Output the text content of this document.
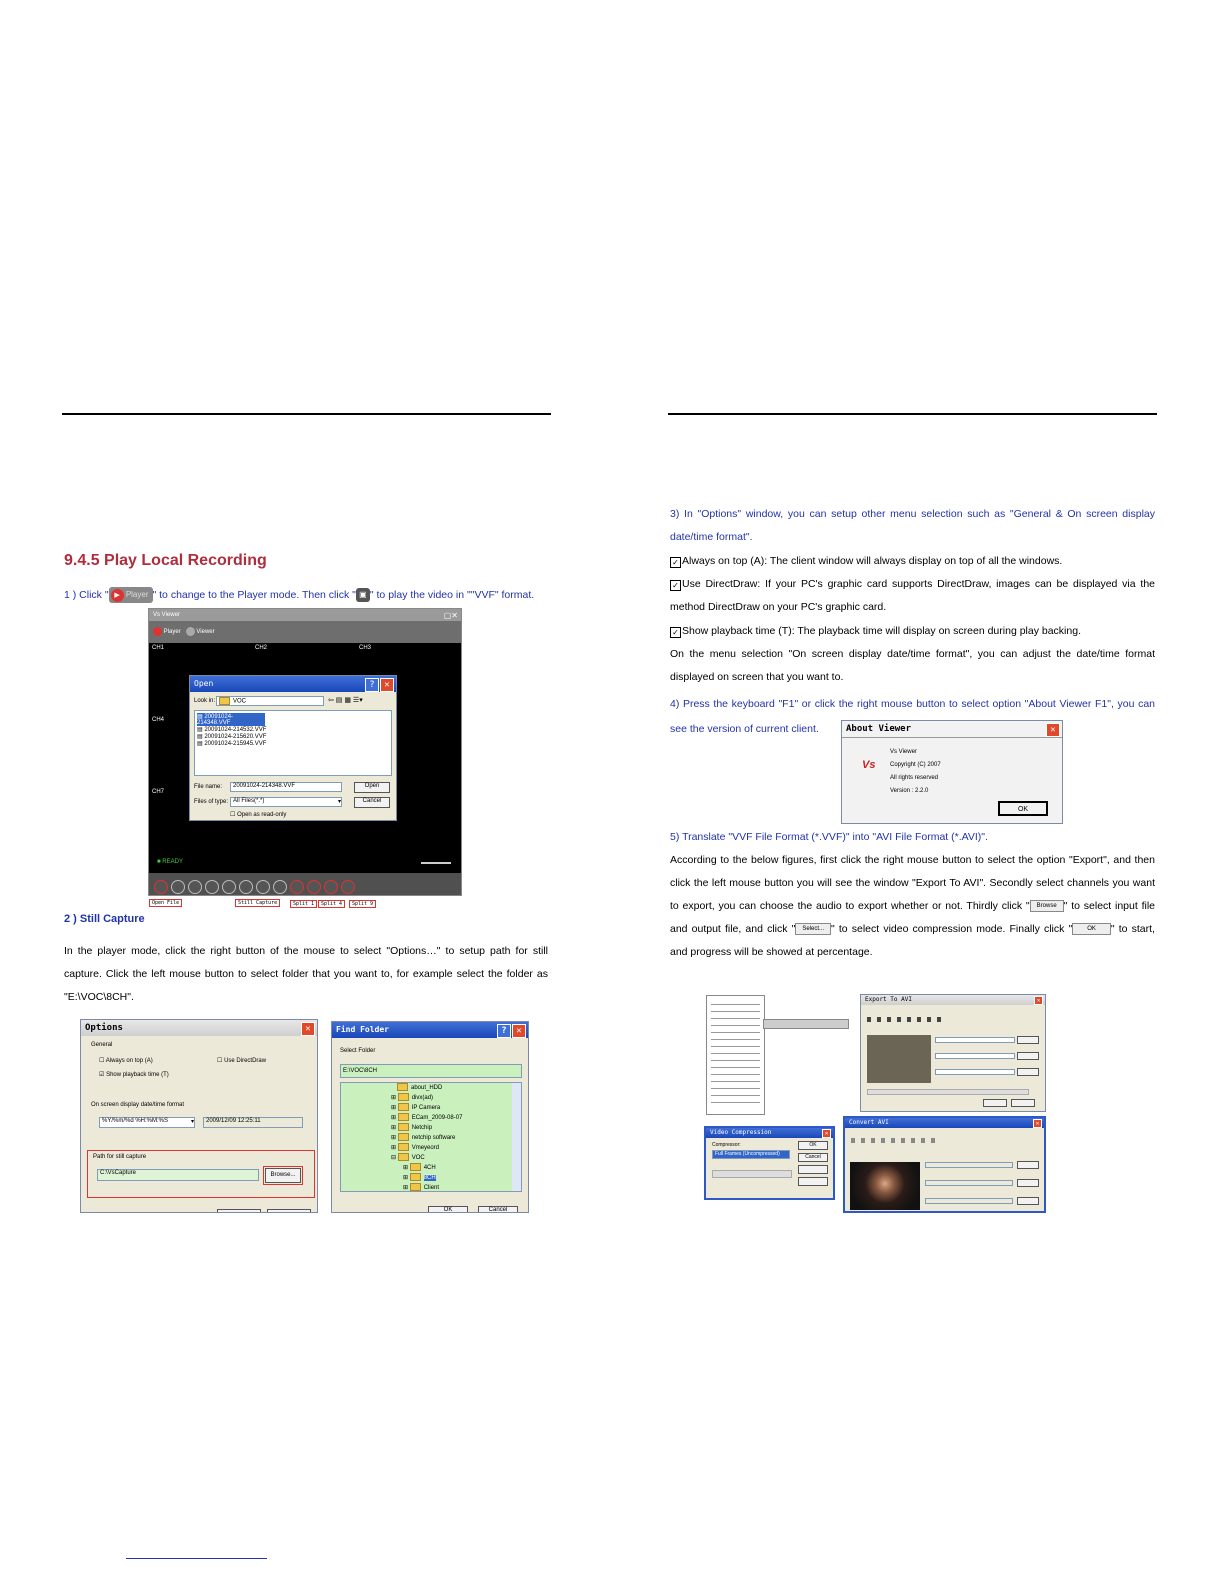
9.4.5 Play Local Recording
1 ) Click " ▶ Player " to change to the Player mode. Then click " ▣ " to play the video in ""VVF" format.
Vs Viewer	▢✕
Player	Viewer
CH1	CH2	CH3
CH4
CH7
Open	?	✕
Look in:	VOC	⇦ ▤ ▦ ☰▾
▤ 20091024-214348.VVF
▤ 20091024-214532.VVF
▤ 20091024-215620.VVF
▤ 20091024-215945.VVF
File name:	20091024-214348.VVF	Open
Files of type: All Files(*.*)	▾	Cancel
☐ Open as read-only
■ READY
Open File	Still Capture	Split 1	Split 4	Split 9
2 ) Still Capture
In the player mode, click the right button of the mouse to select "Options…" to setup path for still capture. Click the left mouse button to select folder that you want to, for example select the folder as "E:\VOC\8CH".
Options	✕
General
☐ Always on top (A)	☐ Use DirectDraw
☑ Show playback time (T)
On screen display date/time format
%Y/%m/%d %H:%M:%S	▾	2009/12/09 12:25:11
Path for still capture
C:\VsCapture	Browse...
Find Folder	?	✕
Select Folder
E:\VOC\8CH
about_HDD
⊞ divx(ad)
⊞ IP Camera
⊞ ECam_2009-08-07
⊞ Netchip
⊞ netchip software
⊞ Vmeyeord
⊟ VOC
⊞ 4CH
⊞ 8CH
⊞ Client
OK	Cancel
3) In "Options" window, you can setup other menu selection such as "General & On screen display date/time format".
✓ Always on top (A): The client window will always display on top of all the windows.
✓ Use DirectDraw: If your PC's graphic card supports DirectDraw, images can be displayed via the method DirectDraw on your PC's graphic card.
✓ Show playback time (T): The playback time will display on screen during play backing.
On the menu selection "On screen display date/time format", you can adjust the date/time format displayed on screen that you want to.
4) Press the keyboard "F1" or click the right mouse button to select option "About Viewer F1", you can see the version of current client.	About Viewer	✕
Vs
Vs Viewer
Copyright (C) 2007
All rights reserved
Version : 2.2.0
OK
5) Translate "VVF File Format (*.VVF)" into "AVI File Format (*.AVI)".
According to the below figures, first click the right mouse button to select the option "Export", and then click the left mouse button you will see the window "Export To AVI". Secondly select channels you want to export, you can choose the audio to export whether or not. Thirdly click " Browse " to select input file and output file, and click " Select... " to select video compression mode. Finally click "	OK " to start, and progress will be showed at percentage.
Export To AVI	✕
Video Compression	✕
Compressor:
Full Frames (Uncompressed)
OK
Cancel
Convert AVI	✕
